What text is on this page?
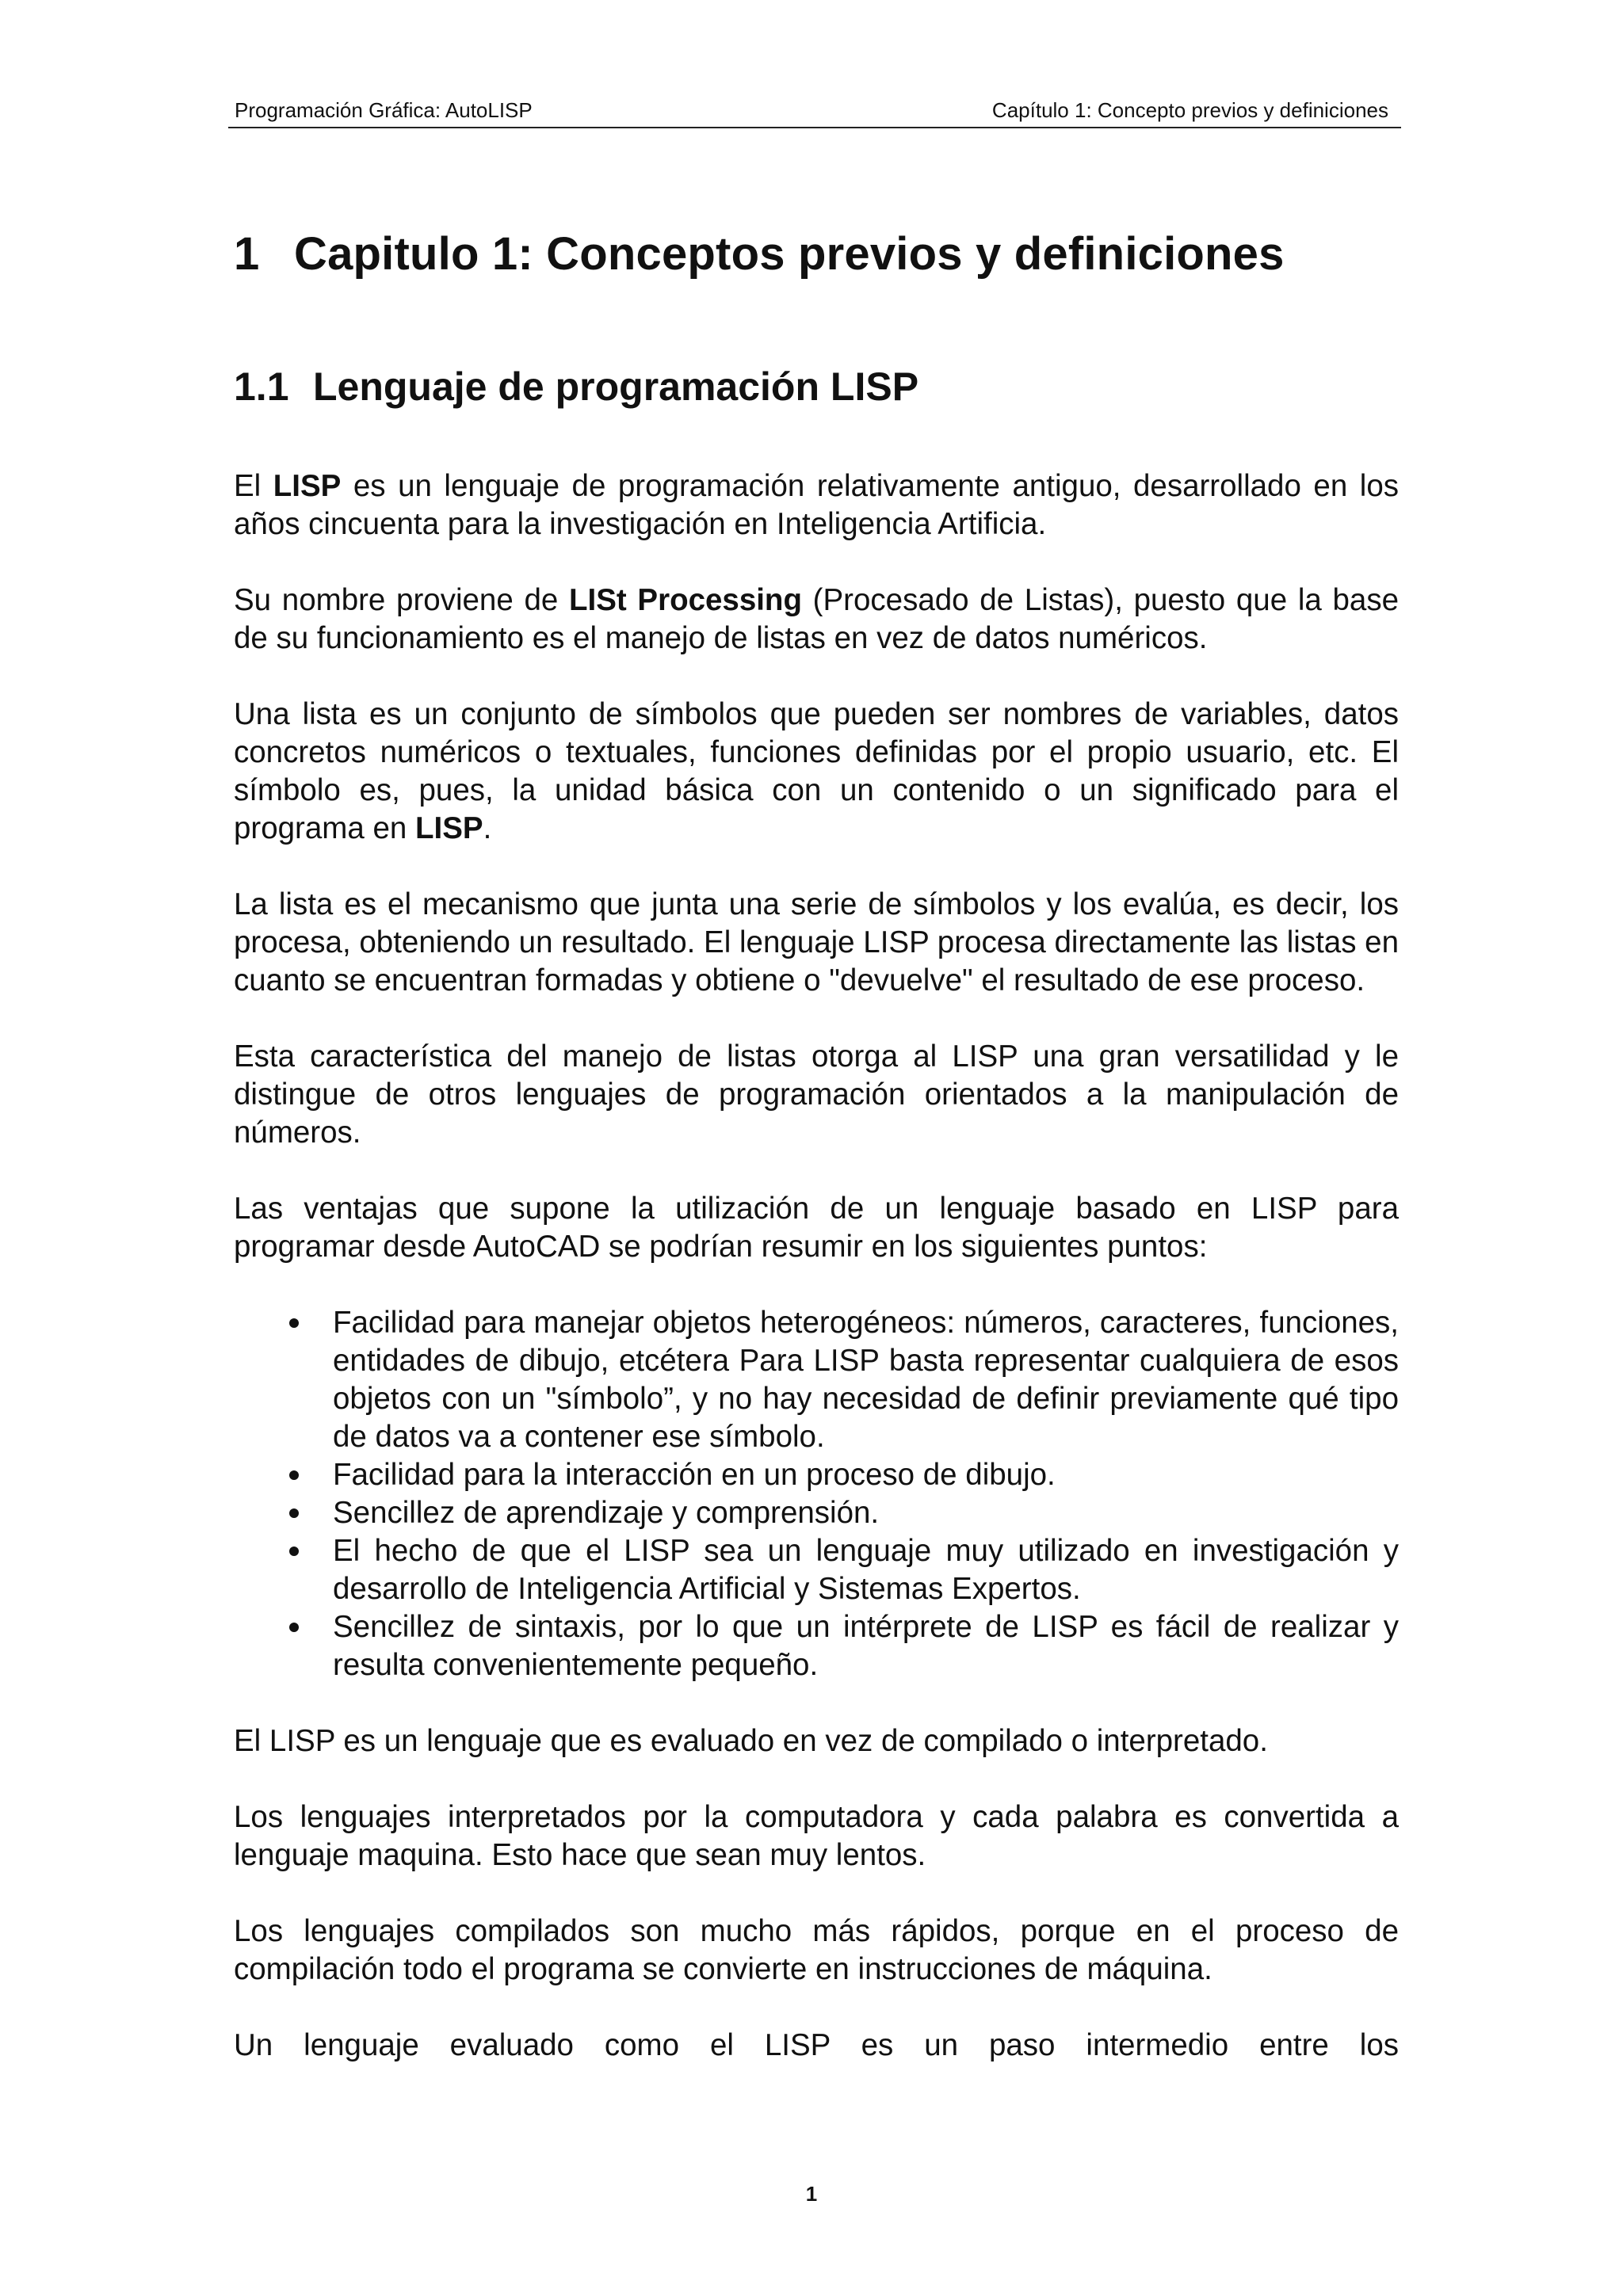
Programación Gráfica: AutoLISP	Capítulo 1: Concepto previos y definiciones
1 Capitulo 1: Conceptos previos y definiciones
1.1 Lenguaje de programación LISP

El LISP es un lenguaje de programación relativamente antiguo, desarrollado en los años cincuenta para la investigación en Inteligencia Artificia.

Su nombre proviene de LISt Processing (Procesado de Listas), puesto que la base de su funcionamiento es el manejo de listas en vez de datos numéricos.

Una lista es un conjunto de símbolos que pueden ser nombres de variables, datos concretos numéricos o textuales, funciones definidas por el propio usuario, etc. El símbolo es, pues, la unidad básica con un contenido o un significado para el programa en LISP.

La lista es el mecanismo que junta una serie de símbolos y los evalúa, es decir, los procesa, obteniendo un resultado. El lenguaje LISP procesa directamente las listas en cuanto se encuentran formadas y obtiene o "devuelve" el resultado de ese proceso.

Esta característica del manejo de listas otorga al LISP una gran versatilidad y le distingue de otros lenguajes de programación orientados a la manipulación de números.

Las ventajas que supone la utilización de un lenguaje basado en LISP para programar desde AutoCAD se podrían resumir en los siguientes puntos:

Facilidad para manejar objetos heterogéneos: números, caracteres, funciones, entidades de dibujo, etcétera Para LISP basta representar cualquiera de esos objetos con un "símbolo”, y no hay necesidad de definir previamente qué tipo de datos va a contener ese símbolo.
Facilidad para la interacción en un proceso de dibujo.
Sencillez de aprendizaje y comprensión.
El hecho de que el LISP sea un lenguaje muy utilizado en investigación y desarrollo de Inteligencia Artificial y Sistemas Expertos.
Sencillez de sintaxis, por lo que un intérprete de LISP es fácil de realizar y resulta convenientemente pequeño.

El LISP es un lenguaje que es evaluado en vez de compilado o interpretado.

Los lenguajes interpretados por la computadora y cada palabra es convertida a lenguaje maquina. Esto hace que sean muy lentos.

Los lenguajes compilados son mucho más rápidos, porque en el proceso de compilación todo el programa se convierte en instrucciones de máquina.

Un lenguaje evaluado como el LISP es un paso intermedio entre los

1
